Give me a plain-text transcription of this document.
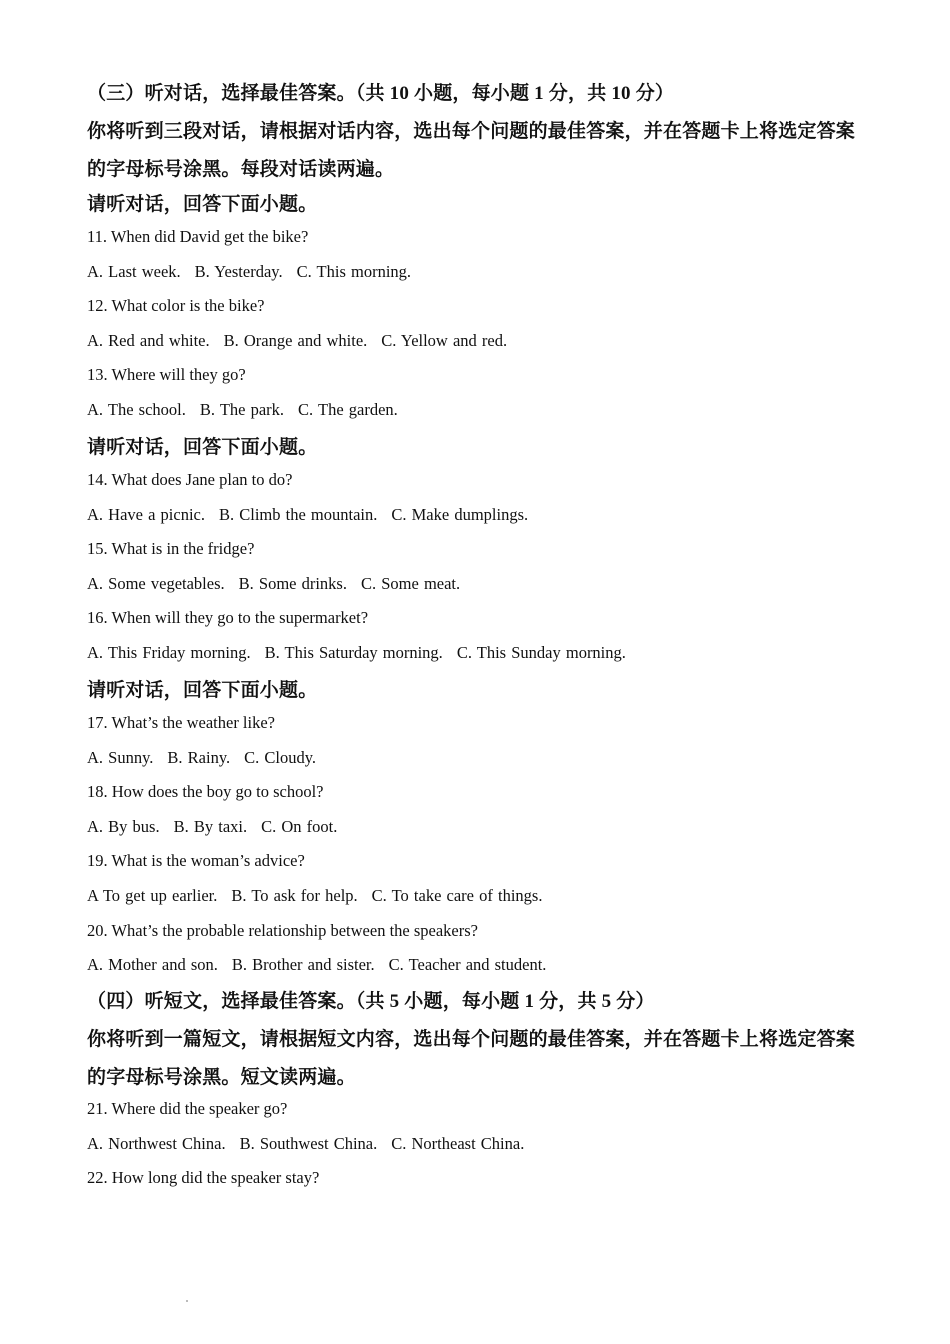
（三）听对话，选择最佳答案。（共 10 小题，每小题 1 分，共 10 分）
你将听到三段对话，请根据对话内容，选出每个问题的最佳答案，并在答题卡上将选定答案
的字母标号涂黑。每段对话读两遍。
请听对话，回答下面小题。
11. When did David get the bike?
A. Last week. B. Yesterday. C. This morning.
12. What color is the bike?
A. Red and white. B. Orange and white. C. Yellow and red.
13. Where will they go?
A. The school. B. The park. C. The garden.
请听对话，回答下面小题。
14. What does Jane plan to do?
A. Have a picnic. B. Climb the mountain. C. Make dumplings.
15. What is in the fridge?
A. Some vegetables. B. Some drinks. C. Some meat.
16. When will they go to the supermarket?
A. This Friday morning. B. This Saturday morning. C. This Sunday morning.
请听对话，回答下面小题。
17. What’s the weather like?
A. Sunny. B. Rainy. C. Cloudy.
18. How does the boy go to school?
A. By bus. B. By taxi. C. On foot.
19. What is the woman’s advice?
A To get up earlier. B. To ask for help. C. To take care of things.
20. What’s the probable relationship between the speakers?
A. Mother and son. B. Brother and sister. C. Teacher and student.
（四）听短文，选择最佳答案。（共 5 小题，每小题 1 分，共 5 分）
你将听到一篇短文，请根据短文内容，选出每个问题的最佳答案，并在答题卡上将选定答案
的字母标号涂黑。短文读两遍。
21. Where did the speaker go?
A. Northwest China. B. Southwest China. C. Northeast China.
22. How long did the speaker stay?
